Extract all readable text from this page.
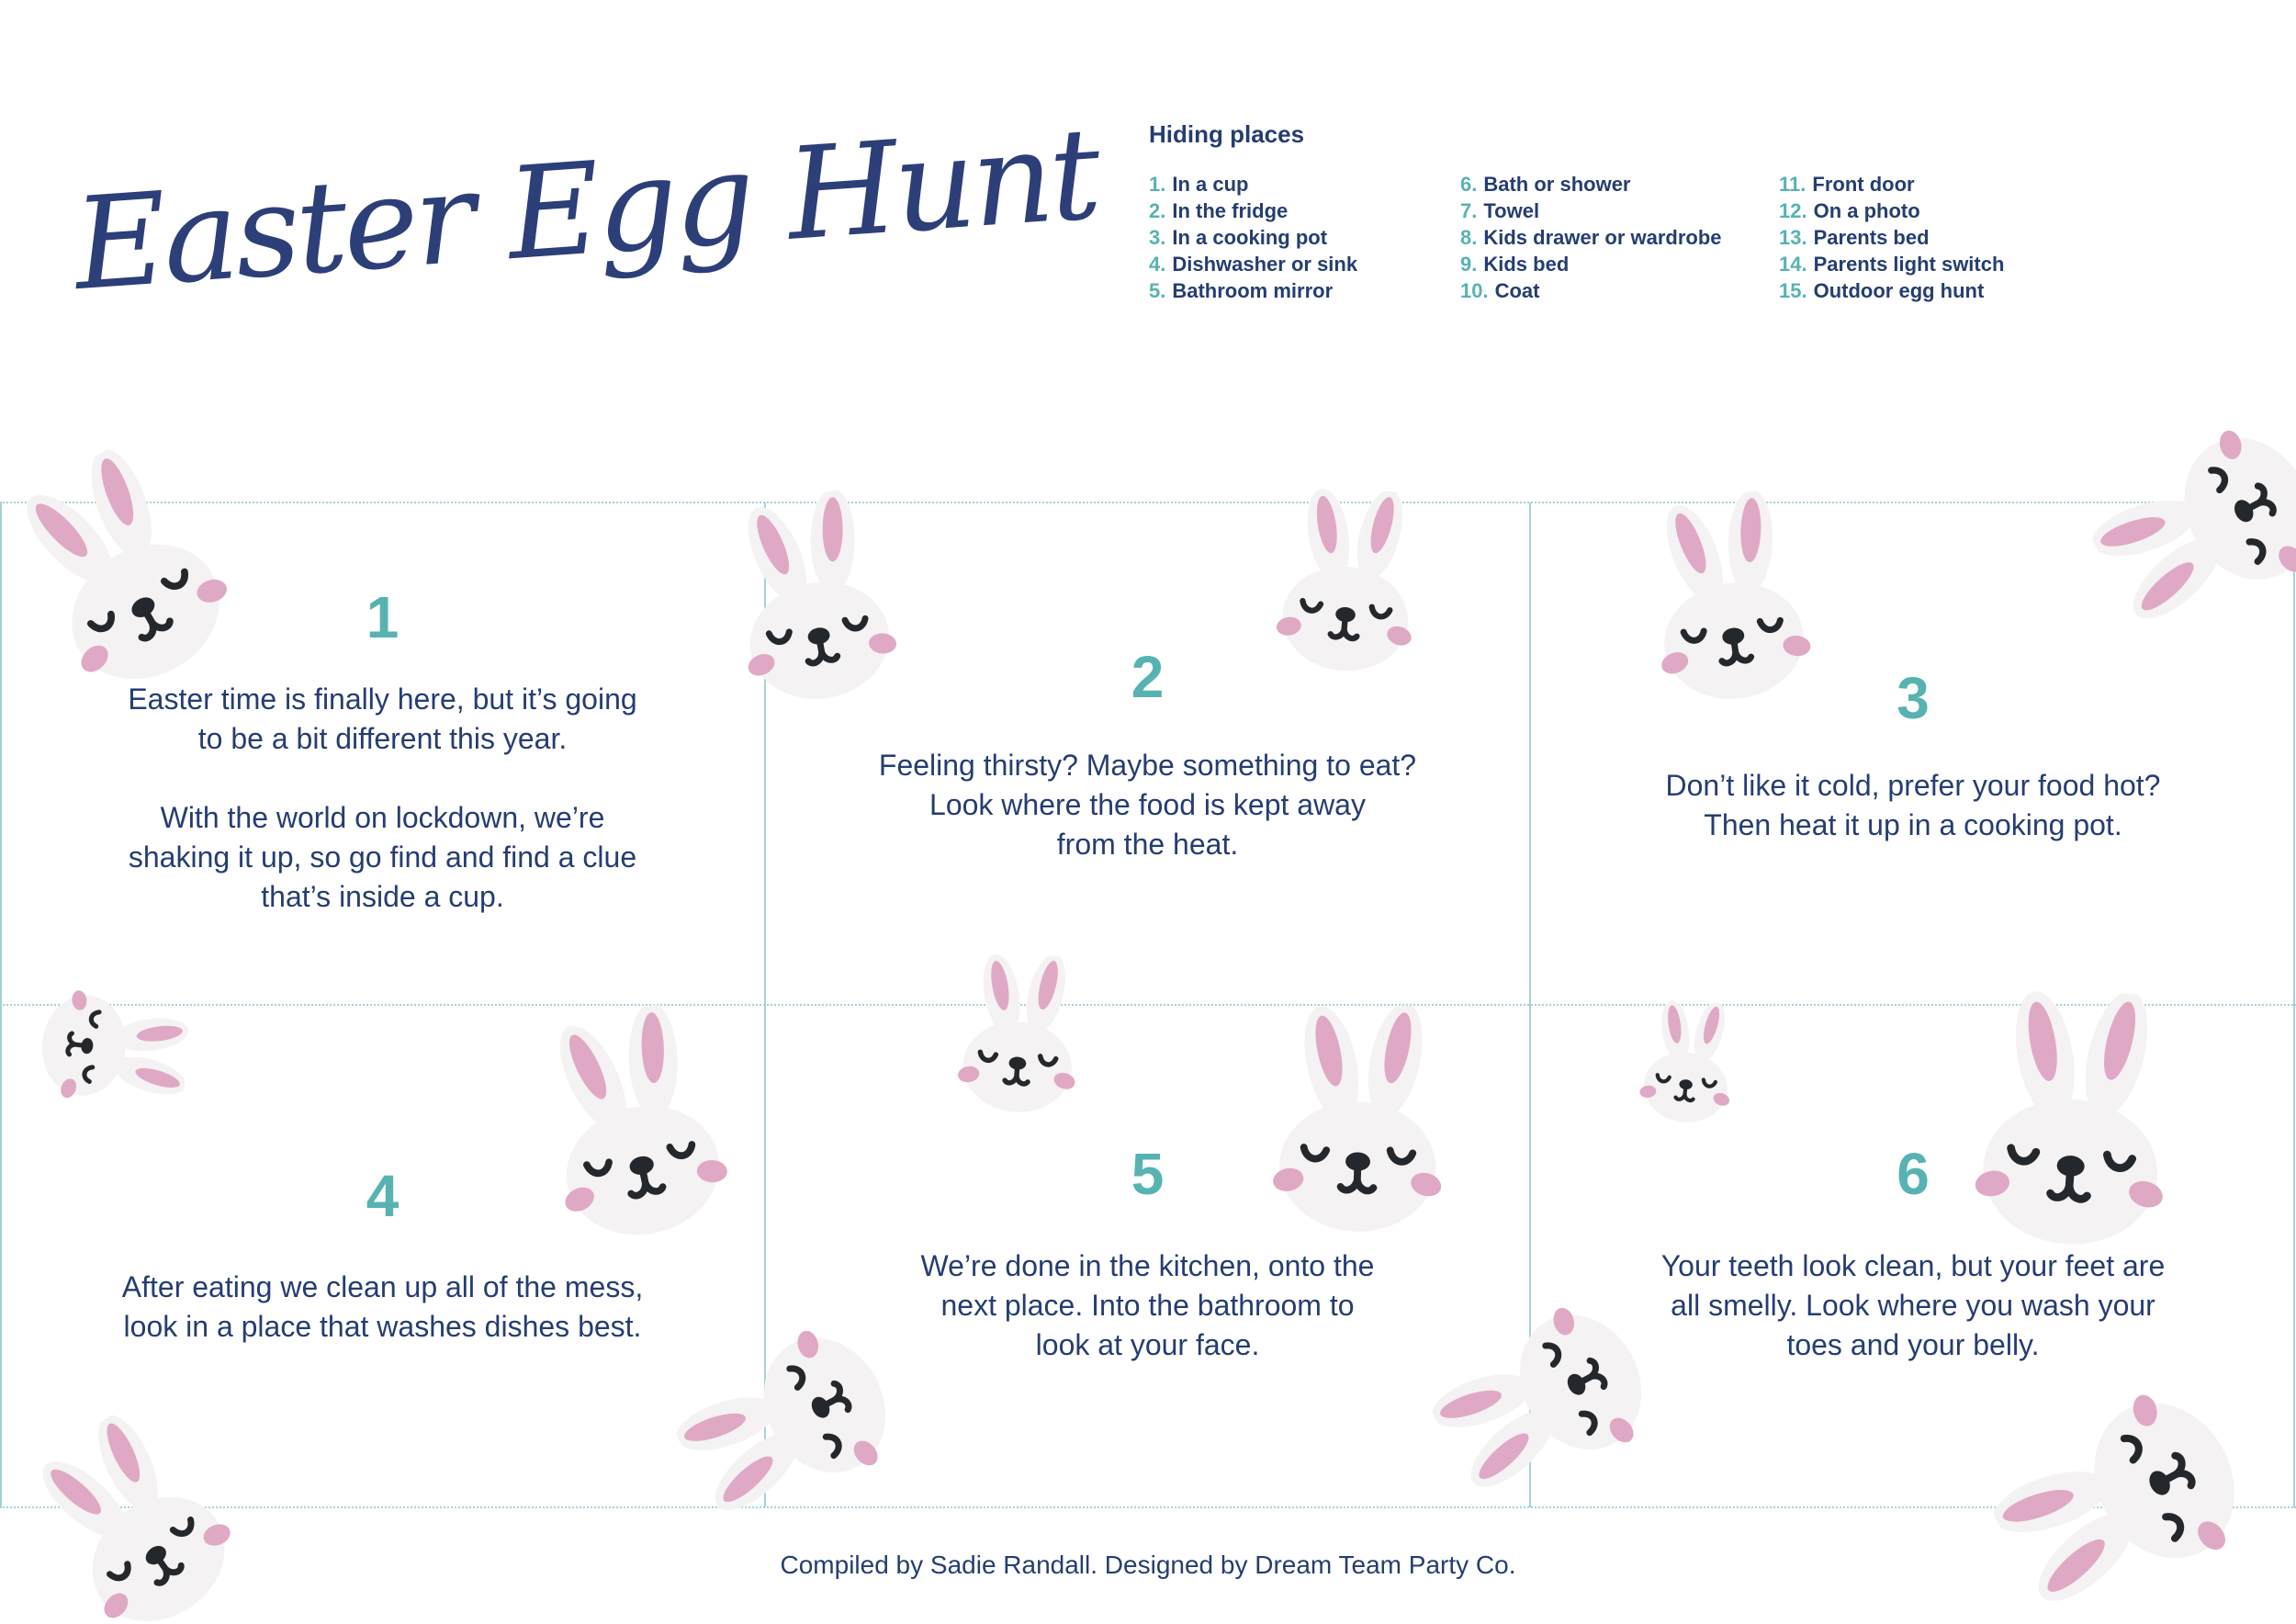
Easter Egg Hunt Hiding places
1. In a cup
2. In the fridge
3. In a cooking pot
4. Dishwasher or sink
5. Bathroom mirror
6. Bath or shower
7. Towel
8. Kids drawer or wardrobe
9. Kids bed
10. Coat
11. Front door
12. On a photo
13. Parents bed
14. Parents light switch
15. Outdoor egg hunt
1
Easter time is finally here, but it’s going
to be a bit different this year.

With the world on lockdown, we’re
shaking it up, so go find and find a clue
that’s inside a cup.
2
Feeling thirsty? Maybe something to eat?
Look where the food is kept away
from the heat.
3
Don’t like it cold, prefer your food hot?
Then heat it up in a cooking pot.
4
After eating we clean up all of the mess,
look in a place that washes dishes best.
5
We’re done in the kitchen, onto the
next place. Into the bathroom to
look at your face.
6
Your teeth look clean, but your feet are
all smelly. Look where you wash your
toes and your belly.
Compiled by Sadie Randall. Designed by Dream Team Party Co.
